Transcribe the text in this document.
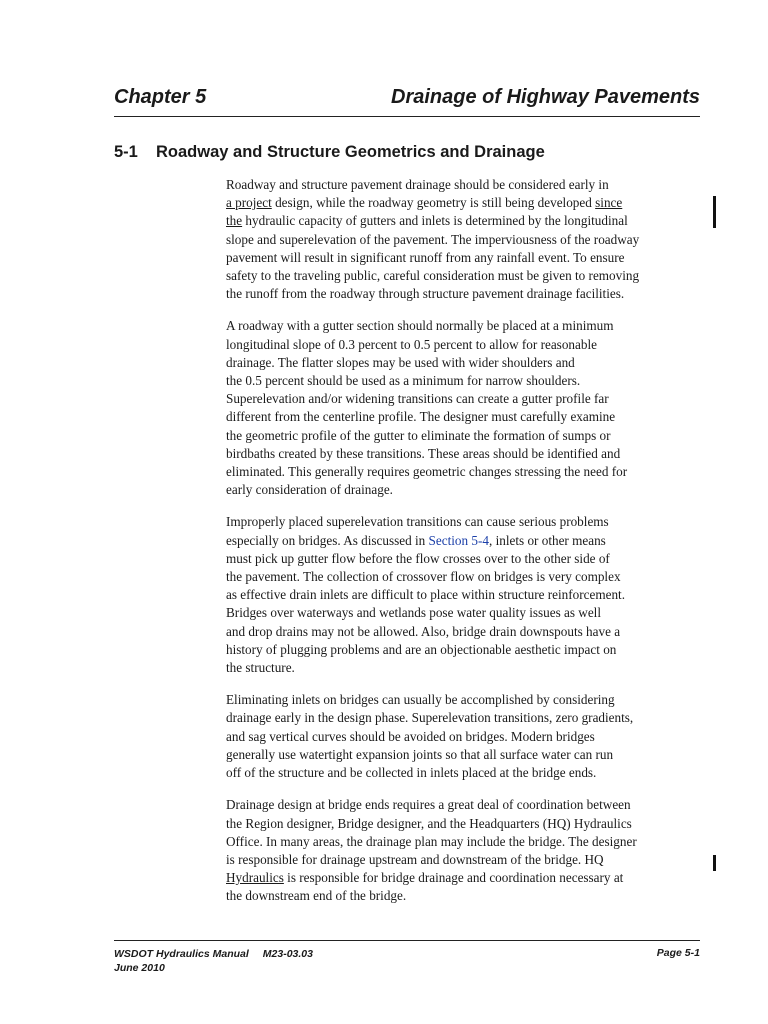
Chapter 5	Drainage of Highway Pavements
5-1 Roadway and Structure Geometrics and Drainage
Roadway and structure pavement drainage should be considered early in
a project design, while the roadway geometry is still being developed since
the hydraulic capacity of gutters and inlets is determined by the longitudinal
slope and superelevation of the pavement. The imperviousness of the roadway
pavement will result in significant runoff from any rainfall event. To ensure
safety to the traveling public, careful consideration must be given to removing
the runoff from the roadway through structure pavement drainage facilities.
A roadway with a gutter section should normally be placed at a minimum
longitudinal slope of 0.3 percent to 0.5 percent to allow for reasonable
drainage. The flatter slopes may be used with wider shoulders and
the 0.5 percent should be used as a minimum for narrow shoulders.
Superelevation and/or widening transitions can create a gutter profile far
different from the centerline profile. The designer must carefully examine
the geometric profile of the gutter to eliminate the formation of sumps or
birdbaths created by these transitions. These areas should be identified and
eliminated. This generally requires geometric changes stressing the need for
early consideration of drainage.
Improperly placed superelevation transitions can cause serious problems
especially on bridges. As discussed in Section 5-4, inlets or other means
must pick up gutter flow before the flow crosses over to the other side of
the pavement. The collection of crossover flow on bridges is very complex
as effective drain inlets are difficult to place within structure reinforcement.
Bridges over waterways and wetlands pose water quality issues as well
and drop drains may not be allowed. Also, bridge drain downspouts have a
history of plugging problems and are an objectionable aesthetic impact on
the structure.
Eliminating inlets on bridges can usually be accomplished by considering
drainage early in the design phase. Superelevation transitions, zero gradients,
and sag vertical curves should be avoided on bridges. Modern bridges
generally use watertight expansion joints so that all surface water can run
off of the structure and be collected in inlets placed at the bridge ends.
Drainage design at bridge ends requires a great deal of coordination between
the Region designer, Bridge designer, and the Headquarters (HQ) Hydraulics
Office. In many areas, the drainage plan may include the bridge. The designer
is responsible for drainage upstream and downstream of the bridge. HQ
Hydraulics is responsible for bridge drainage and coordination necessary at
the downstream end of the bridge.
WSDOT Hydraulics Manual M23-03.03
June 2010
Page 5-1
